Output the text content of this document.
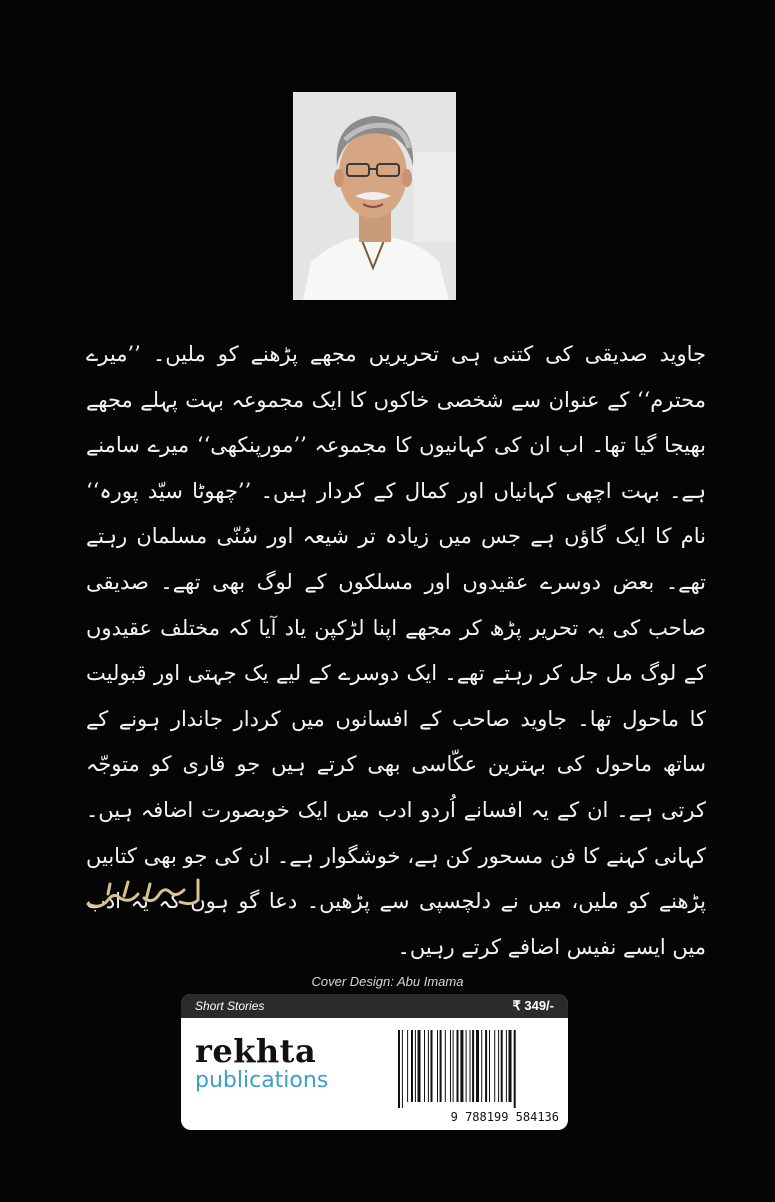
جاوید صدیقی کی کتنی ہی تحریریں مجھے پڑھنے کو ملیں۔ ’’میرے محترم‘‘ کے عنوان سے شخصی خاکوں کا ایک مجموعہ بہت پہلے مجھے بھیجا گیا تھا۔ اب ان کی کہانیوں کا مجموعہ ’’مورپنکھی‘‘ میرے سامنے ہے۔ بہت اچھی کہانیاں اور کمال کے کردار ہیں۔ ’’چھوٹا سیّد پورہ‘‘ نام کا ایک گاؤں ہے جس میں زیادہ تر شیعہ اور سُنّی مسلمان رہتے تھے۔ بعض دوسرے عقیدوں اور مسلکوں کے لوگ بھی تھے۔ صدیقی صاحب کی یہ تحریر پڑھ کر مجھے اپنا لڑکپن یاد آیا کہ مختلف عقیدوں کے لوگ مل جل کر رہتے تھے۔ ایک دوسرے کے لیے یک جہتی اور قبولیت کا ماحول تھا۔ جاوید صاحب کے افسانوں میں کردار جاندار ہونے کے ساتھ ماحول کی بہترین عکّاسی بھی کرتے ہیں جو قاری کو متوجّہ کرتی ہے۔ ان کے یہ افسانے اُردو ادب میں ایک خوبصورت اضافہ ہیں۔ کہانی کہنے کا فن مسحور کن ہے، خوشگوار ہے۔ ان کی جو بھی کتابیں پڑھنے کو ملیں، میں نے دلچسپی سے پڑھیں۔ دعا گو ہوں کہ یہ ادب میں ایسے نفیس اضافے کرتے رہیں۔

Cover Design: Abu Imama
Short Stories	₹ 349/-
rekhta
publications
9 788199 584136
